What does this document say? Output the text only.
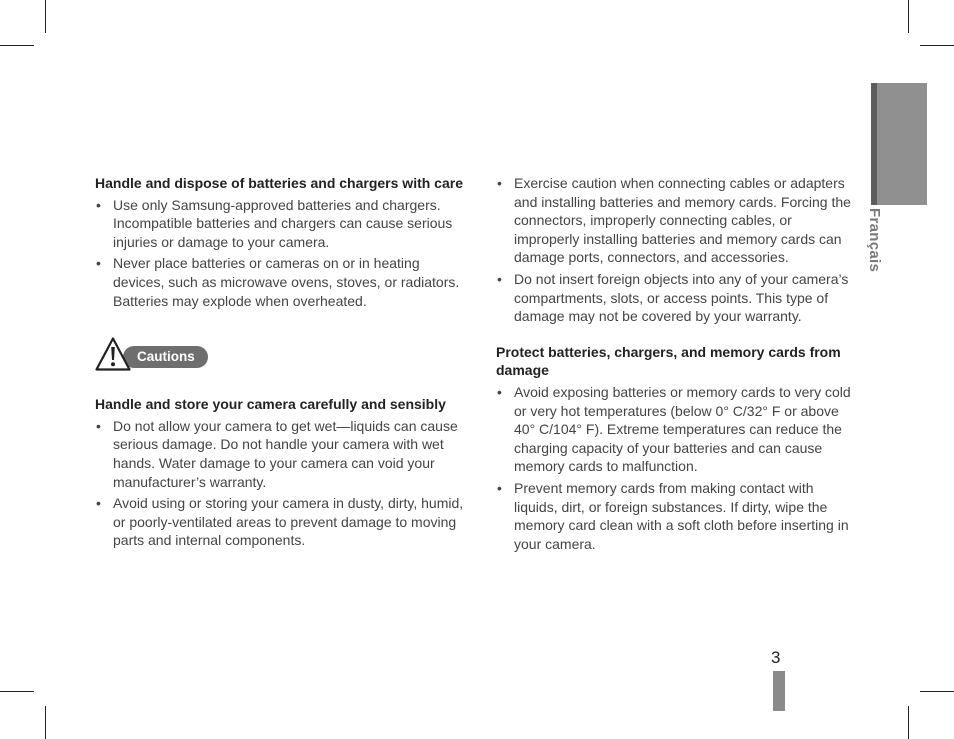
Français
Handle and dispose of batteries and chargers with care
• Use only Samsung-approved batteries and chargers. Incompatible batteries and chargers can cause serious injuries or damage to your camera.
• Never place batteries or cameras on or in heating devices, such as microwave ovens, stoves, or radiators. Batteries may explode when overheated.
Cautions
Handle and store your camera carefully and sensibly
• Do not allow your camera to get wet—liquids can cause serious damage. Do not handle your camera with wet hands. Water damage to your camera can void your manufacturer’s warranty.
• Avoid using or storing your camera in dusty, dirty, humid, or poorly-ventilated areas to prevent damage to moving parts and internal components.
• Exercise caution when connecting cables or adapters and installing batteries and memory cards. Forcing the connectors, improperly connecting cables, or improperly installing batteries and memory cards can damage ports, connectors, and accessories.
• Do not insert foreign objects into any of your camera’s compartments, slots, or access points. This type of damage may not be covered by your warranty.
Protect batteries, chargers, and memory cards from damage
• Avoid exposing batteries or memory cards to very cold or very hot temperatures (below 0° C/32° F or above 40° C/104° F). Extreme temperatures can reduce the charging capacity of your batteries and can cause memory cards to malfunction.
• Prevent memory cards from making contact with liquids, dirt, or foreign substances. If dirty, wipe the memory card clean with a soft cloth before inserting in your camera.
3
